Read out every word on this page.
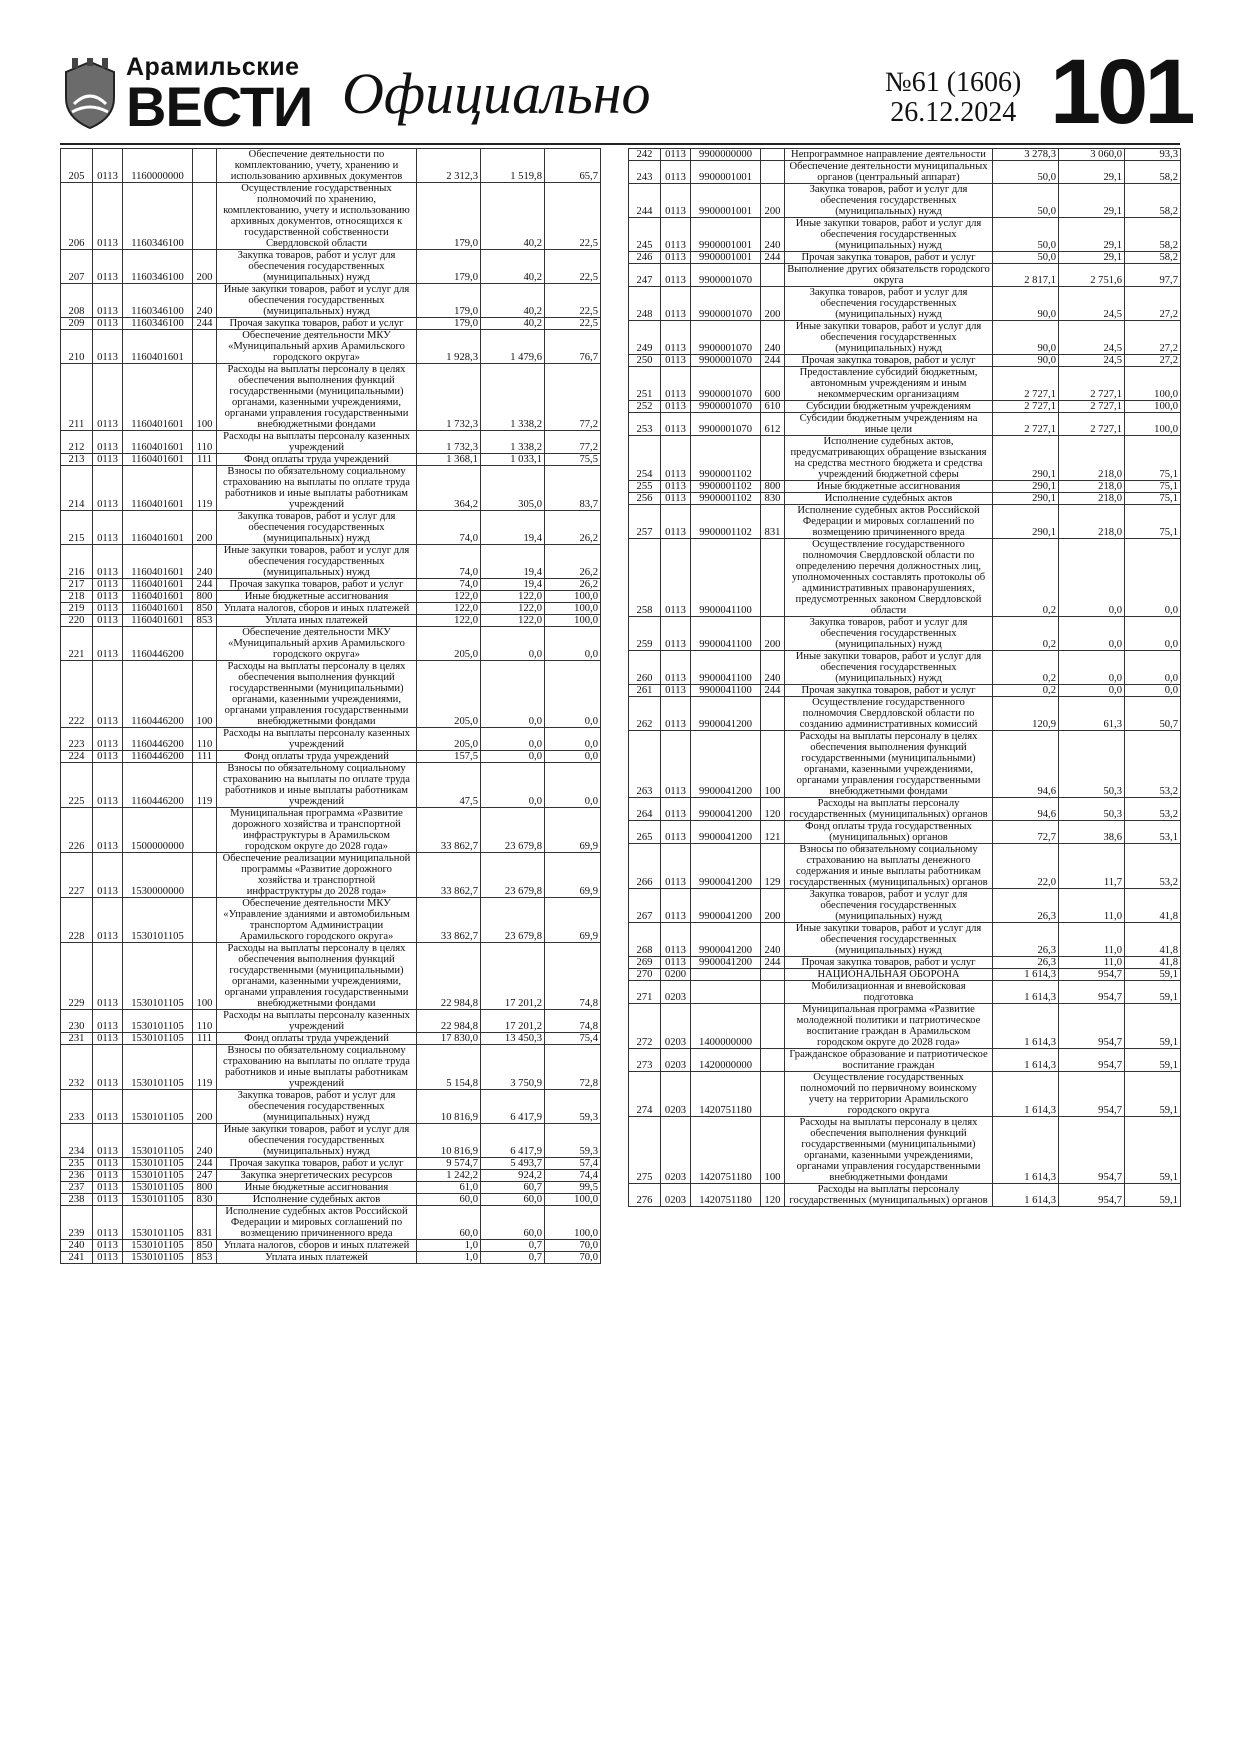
Арамильские
ВЕСТИ Официально	№61 (1606)
26.12.2024 101
205	0113	1160000000		Обеспечение деятельности по комплектованию, учету, хранению и использованию архивных документов	2 312,3	1 519,8	65,7
206	0113	1160346100		Осуществление государственных полномочий по хранению, комплектованию, учету и использованию архивных документов, относящихся к государственной собственности Свердловской области	179,0	40,2	22,5
207	0113	1160346100	200	Закупка товаров, работ и услуг для обеспечения государственных (муниципальных) нужд	179,0	40,2	22,5
208	0113	1160346100	240	Иные закупки товаров, работ и услуг для обеспечения государственных (муниципальных) нужд	179,0	40,2	22,5
209	0113	1160346100	244	Прочая закупка товаров, работ и услуг	179,0	40,2	22,5
210	0113	1160401601		Обеспечение деятельности МКУ «Муниципальный архив Арамильского городского округа»	1 928,3	1 479,6	76,7
211	0113	1160401601	100	Расходы на выплаты персоналу в целях обеспечения выполнения функций государственными (муниципальными) органами, казенными учреждениями, органами управления государственными внебюджетными фондами	1 732,3	1 338,2	77,2
212	0113	1160401601	110	Расходы на выплаты персоналу казенных учреждений	1 732,3	1 338,2	77,2
213	0113	1160401601	111	Фонд оплаты труда учреждений	1 368,1	1 033,1	75,5
214	0113	1160401601	119	Взносы по обязательному социальному страхованию на выплаты по оплате труда работников и иные выплаты работникам учреждений	364,2	305,0	83,7
215	0113	1160401601	200	Закупка товаров, работ и услуг для обеспечения государственных (муниципальных) нужд	74,0	19,4	26,2
216	0113	1160401601	240	Иные закупки товаров, работ и услуг для обеспечения государственных (муниципальных) нужд	74,0	19,4	26,2
217	0113	1160401601	244	Прочая закупка товаров, работ и услуг	74,0	19,4	26,2
218	0113	1160401601	800	Иные бюджетные ассигнования	122,0	122,0	100,0
219	0113	1160401601	850	Уплата налогов, сборов и иных платежей	122,0	122,0	100,0
220	0113	1160401601	853	Уплата иных платежей	122,0	122,0	100,0
221	0113	1160446200		Обеспечение деятельности МКУ «Муниципальный архив Арамильского городского округа»	205,0	0,0	0,0
222	0113	1160446200	100	Расходы на выплаты персоналу в целях обеспечения выполнения функций государственными (муниципальными) органами, казенными учреждениями, органами управления государственными внебюджетными фондами	205,0	0,0	0,0
223	0113	1160446200	110	Расходы на выплаты персоналу казенных учреждений	205,0	0,0	0,0
224	0113	1160446200	111	Фонд оплаты труда учреждений	157,5	0,0	0,0
225	0113	1160446200	119	Взносы по обязательному социальному страхованию на выплаты по оплате труда работников и иные выплаты работникам учреждений	47,5	0,0	0,0
226	0113	1500000000		Муниципальная программа «Развитие дорожного хозяйства и транспортной инфраструктуры в Арамильском городском округе до 2028 года»	33 862,7	23 679,8	69,9
227	0113	1530000000		Обеспечение реализации муниципальной программы «Развитие дорожного хозяйства и транспортной инфраструктуры до 2028 года»	33 862,7	23 679,8	69,9
228	0113	1530101105		Обеспечение деятельности МКУ «Управление зданиями и автомобильным транспортом Администрации Арамильского городского округа»	33 862,7	23 679,8	69,9
229	0113	1530101105	100	Расходы на выплаты персоналу в целях обеспечения выполнения функций государственными (муниципальными) органами, казенными учреждениями, органами управления государственными внебюджетными фондами	22 984,8	17 201,2	74,8
230	0113	1530101105	110	Расходы на выплаты персоналу казенных учреждений	22 984,8	17 201,2	74,8
231	0113	1530101105	111	Фонд оплаты труда учреждений	17 830,0	13 450,3	75,4
232	0113	1530101105	119	Взносы по обязательному социальному страхованию на выплаты по оплате труда работников и иные выплаты работникам учреждений	5 154,8	3 750,9	72,8
233	0113	1530101105	200	Закупка товаров, работ и услуг для обеспечения государственных (муниципальных) нужд	10 816,9	6 417,9	59,3
234	0113	1530101105	240	Иные закупки товаров, работ и услуг для обеспечения государственных (муниципальных) нужд	10 816,9	6 417,9	59,3
235	0113	1530101105	244	Прочая закупка товаров, работ и услуг	9 574,7	5 493,7	57,4
236	0113	1530101105	247	Закупка энергетических ресурсов	1 242,2	924,2	74,4
237	0113	1530101105	800	Иные бюджетные ассигнования	61,0	60,7	99,5
238	0113	1530101105	830	Исполнение судебных актов	60,0	60,0	100,0
239	0113	1530101105	831	Исполнение судебных актов Российской Федерации и мировых соглашений по возмещению причиненного вреда	60,0	60,0	100,0
240	0113	1530101105	850	Уплата налогов, сборов и иных платежей	1,0	0,7	70,0
241	0113	1530101105	853	Уплата иных платежей	1,0	0,7	70,0
242	0113	9900000000		Непрограммное направление деятельности	3 278,3	3 060,0	93,3
243	0113	9900001001		Обеспечение деятельности муниципальных органов (центральный аппарат)	50,0	29,1	58,2
244	0113	9900001001	200	Закупка товаров, работ и услуг для обеспечения государственных (муниципальных) нужд	50,0	29,1	58,2
245	0113	9900001001	240	Иные закупки товаров, работ и услуг для обеспечения государственных (муниципальных) нужд	50,0	29,1	58,2
246	0113	9900001001	244	Прочая закупка товаров, работ и услуг	50,0	29,1	58,2
247	0113	9900001070		Выполнение других обязательств городского округа	2 817,1	2 751,6	97,7
248	0113	9900001070	200	Закупка товаров, работ и услуг для обеспечения государственных (муниципальных) нужд	90,0	24,5	27,2
249	0113	9900001070	240	Иные закупки товаров, работ и услуг для обеспечения государственных (муниципальных) нужд	90,0	24,5	27,2
250	0113	9900001070	244	Прочая закупка товаров, работ и услуг	90,0	24,5	27,2
251	0113	9900001070	600	Предоставление субсидий бюджетным, автономным учреждениям и иным некоммерческим организациям	2 727,1	2 727,1	100,0
252	0113	9900001070	610	Субсидии бюджетным учреждениям	2 727,1	2 727,1	100,0
253	0113	9900001070	612	Субсидии бюджетным учреждениям на иные цели	2 727,1	2 727,1	100,0
254	0113	9900001102		Исполнение судебных актов, предусматривающих обращение взыскания на средства местного бюджета и средства учреждений бюджетной сферы	290,1	218,0	75,1
255	0113	9900001102	800	Иные бюджетные ассигнования	290,1	218,0	75,1
256	0113	9900001102	830	Исполнение судебных актов	290,1	218,0	75,1
257	0113	9900001102	831	Исполнение судебных актов Российской Федерации и мировых соглашений по возмещению причиненного вреда	290,1	218,0	75,1
258	0113	9900041100		Осуществление государственного полномочия Свердловской области по определению перечня должностных лиц, уполномоченных составлять протоколы об административных правонарушениях, предусмотренных законом Свердловской области	0,2	0,0	0,0
259	0113	9900041100	200	Закупка товаров, работ и услуг для обеспечения государственных (муниципальных) нужд	0,2	0,0	0,0
260	0113	9900041100	240	Иные закупки товаров, работ и услуг для обеспечения государственных (муниципальных) нужд	0,2	0,0	0,0
261	0113	9900041100	244	Прочая закупка товаров, работ и услуг	0,2	0,0	0,0
262	0113	9900041200		Осуществление государственного полномочия Свердловской области по созданию административных комиссий	120,9	61,3	50,7
263	0113	9900041200	100	Расходы на выплаты персоналу в целях обеспечения выполнения функций государственными (муниципальными) органами, казенными учреждениями, органами управления государственными внебюджетными фондами	94,6	50,3	53,2
264	0113	9900041200	120	Расходы на выплаты персоналу государственных (муниципальных) органов	94,6	50,3	53,2
265	0113	9900041200	121	Фонд оплаты труда государственных (муниципальных) органов	72,7	38,6	53,1
266	0113	9900041200	129	Взносы по обязательному социальному страхованию на выплаты денежного содержания и иные выплаты работникам государственных (муниципальных) органов	22,0	11,7	53,2
267	0113	9900041200	200	Закупка товаров, работ и услуг для обеспечения государственных (муниципальных) нужд	26,3	11,0	41,8
268	0113	9900041200	240	Иные закупки товаров, работ и услуг для обеспечения государственных (муниципальных) нужд	26,3	11,0	41,8
269	0113	9900041200	244	Прочая закупка товаров, работ и услуг	26,3	11,0	41,8
270	0200			НАЦИОНАЛЬНАЯ ОБОРОНА	1 614,3	954,7	59,1
271	0203			Мобилизационная и вневойсковая подготовка	1 614,3	954,7	59,1
272	0203	1400000000		Муниципальная программа «Развитие молодежной политики и патриотическое воспитание граждан в Арамильском городском округе до 2028 года»	1 614,3	954,7	59,1
273	0203	1420000000		Гражданское образование и патриотическое воспитание граждан	1 614,3	954,7	59,1
274	0203	1420751180		Осуществление государственных полномочий по первичному воинскому учету на территории Арамильского городского округа	1 614,3	954,7	59,1
275	0203	1420751180	100	Расходы на выплаты персоналу в целях обеспечения выполнения функций государственными (муниципальными) органами, казенными учреждениями, органами управления государственными внебюджетными фондами	1 614,3	954,7	59,1
276	0203	1420751180	120	Расходы на выплаты персоналу государственных (муниципальных) органов	1 614,3	954,7	59,1
